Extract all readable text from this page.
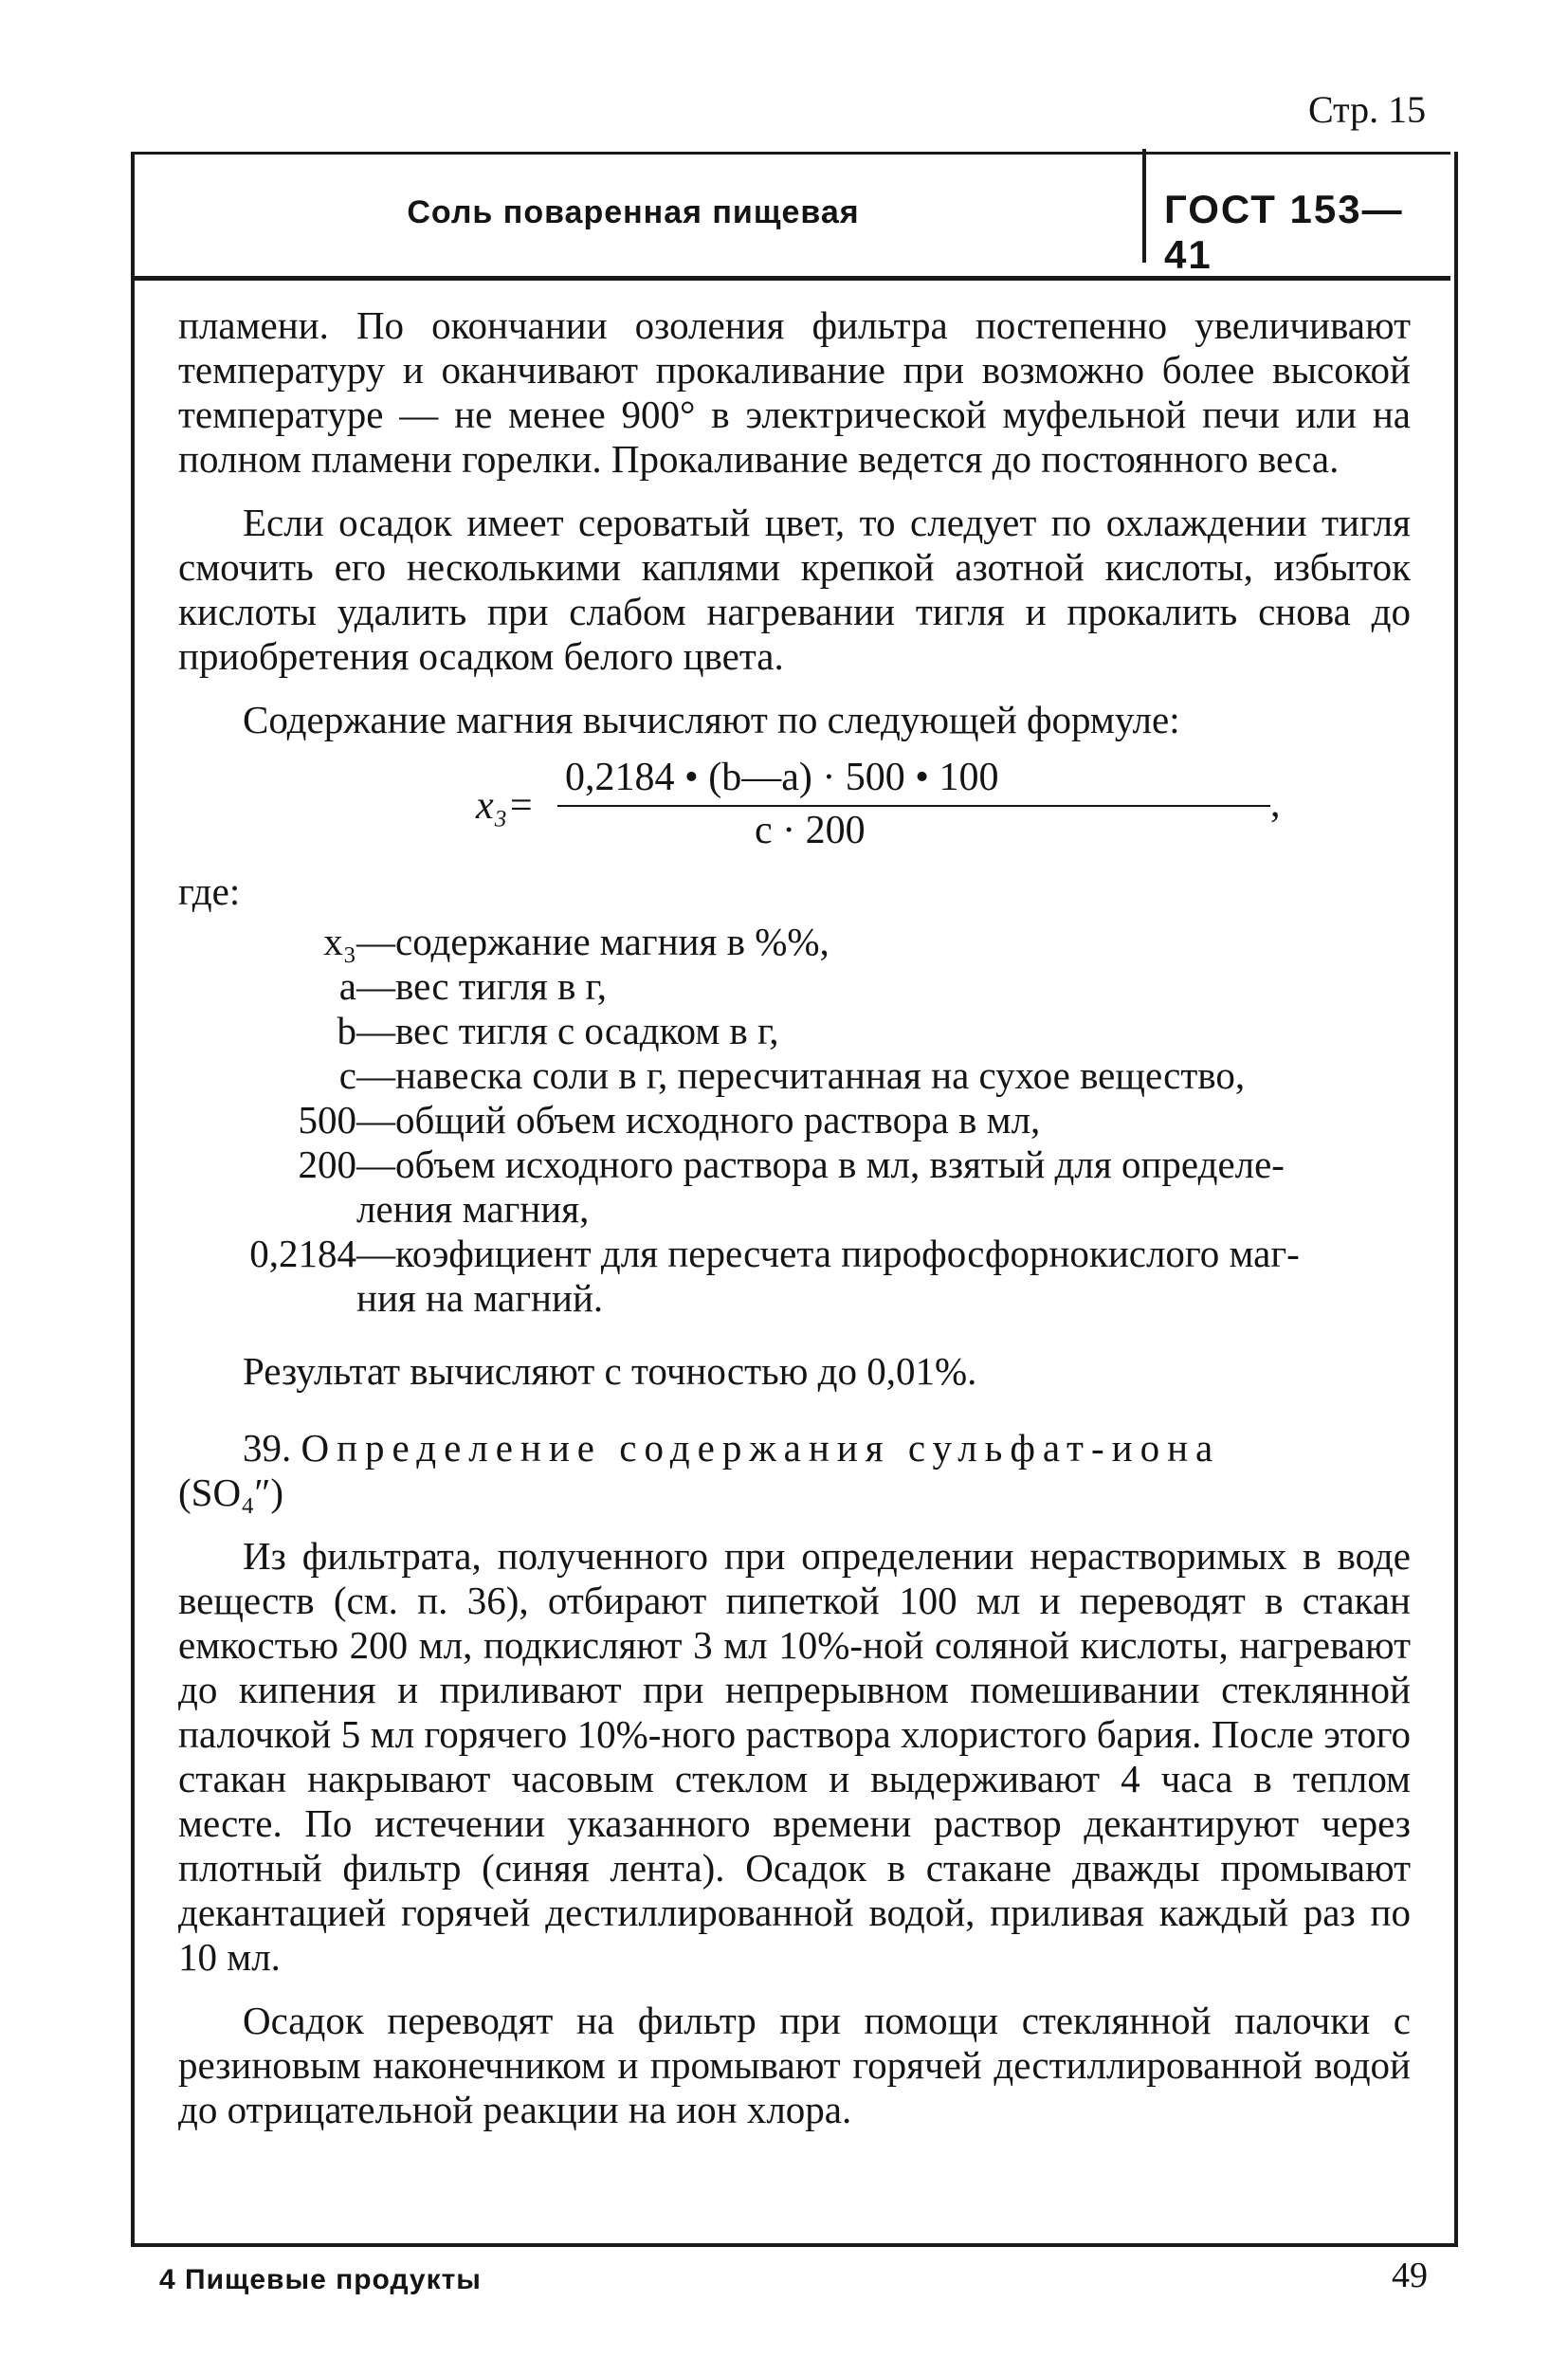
Стр. 15
Соль поваренная пищевая	ГОСТ 153—41

пламени. По окончании озоления фильтра постепенно увеличивают температуру и оканчивают прокаливание при возможно более высокой температуре — не менее 900° в электрической муфельной печи или на полном пламени горелки. Прокаливание ведется до постоянного веса.

Если осадок имеет сероватый цвет, то следует по охлаждении тигля смочить его несколькими каплями крепкой азотной кислоты, избыток кислоты удалить при слабом нагревании тигля и прокалить снова до приобретения осадком белого цвета.

Содержание магния вычисляют по следующей формуле:

x₃=
0,2184 • (b—a) · 500 • 100
c · 200
,

где:

x₃ —содержание магния в %%,
a —вес тигля в г,
b —вес тигля с осадком в г,
c —навеска соли в г, пересчитанная на сухое вещество,
500 —общий объем исходного раствора в мл,
200 —объем исходного раствора в мл, взятый для определе-
ления магния,
0,2184 —коэфициент для пересчета пирофосфорнокислого маг-
ния на магний.

Результат вычисляют с точностью до 0,01%.

39. Определение содержания сульфат-иона

(SO₄″)

Из фильтрата, полученного при определении нерастворимых в воде веществ (см. п. 36), отбирают пипеткой 100 мл и переводят в стакан емкостью 200 мл, подкисляют 3 мл 10%-ной соляной кислоты, нагревают до кипения и приливают при непрерывном помешивании стеклянной палочкой 5 мл горячего 10%-ного раствора хлористого бария. После этого стакан накрывают часовым стеклом и выдерживают 4 часа в теплом месте. По истечении указанного времени раствор декантируют через плотный фильтр (синяя лента). Осадок в стакане дважды промывают декантацией горячей дестиллированной водой, приливая каждый раз по 10 мл.

Осадок переводят на фильтр при помощи стеклянной палочки с резиновым наконечником и промывают горячей дестиллированной водой до отрицательной реакции на ион хлора.

4 Пищевые продукты	49
